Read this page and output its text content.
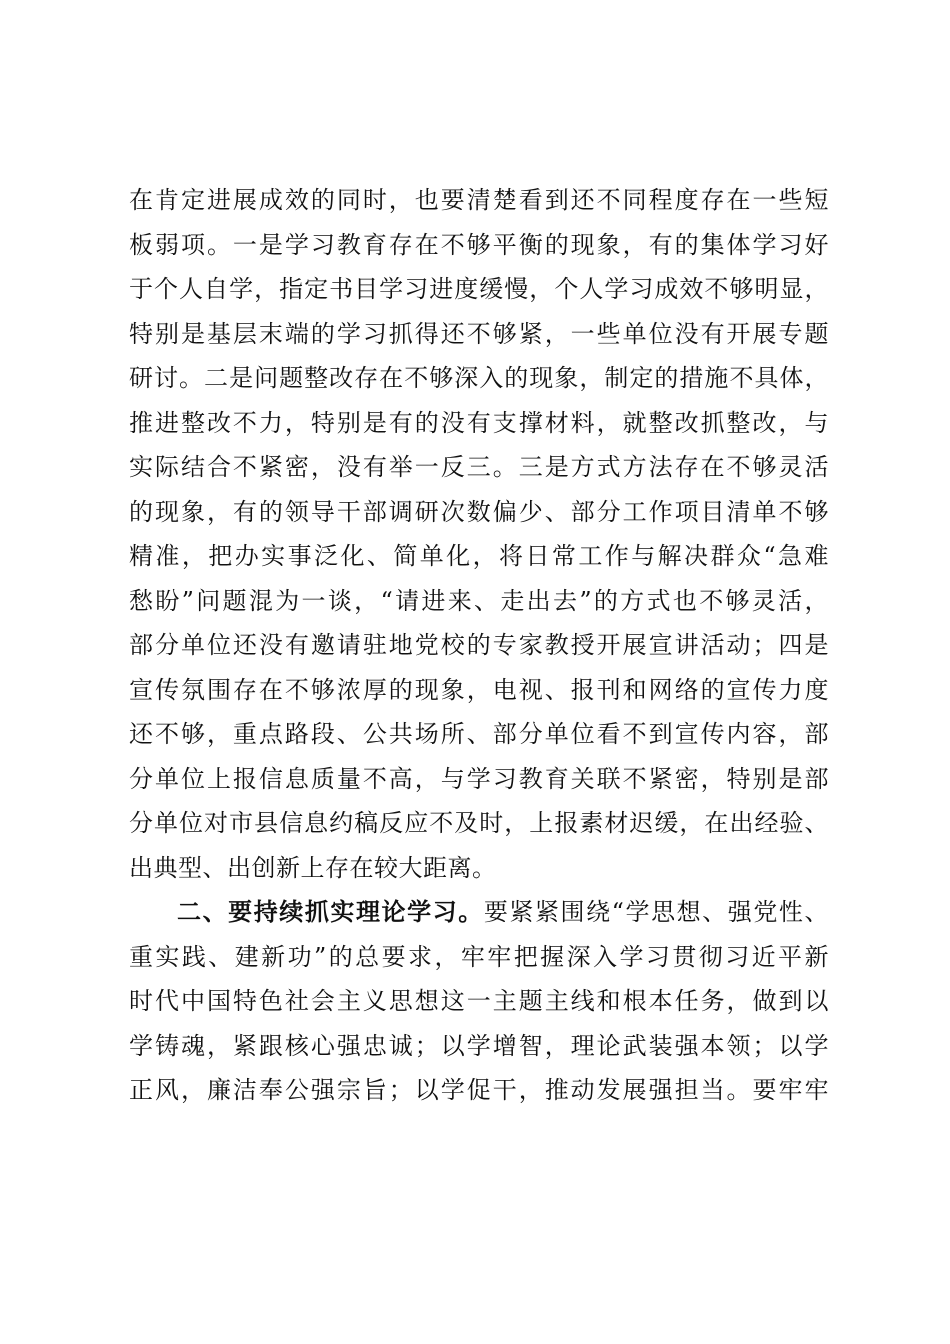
在肯定进展成效的同时，也要清楚看到还不同程度存在一些短
板弱项。一是学习教育存在不够平衡的现象，有的集体学习好
于个人自学，指定书目学习进度缓慢，个人学习成效不够明显，
特别是基层末端的学习抓得还不够紧，一些单位没有开展专题
研讨。二是问题整改存在不够深入的现象，制定的措施不具体，
推进整改不力，特别是有的没有支撑材料，就整改抓整改，与
实际结合不紧密，没有举一反三。三是方式方法存在不够灵活
的现象，有的领导干部调研次数偏少、部分工作项目清单不够
精准，把办实事泛化、简单化，将日常工作与解决群众“急难
愁盼”问题混为一谈，“请进来、走出去”的方式也不够灵活，
部分单位还没有邀请驻地党校的专家教授开展宣讲活动；四是
宣传氛围存在不够浓厚的现象，电视、报刊和网络的宣传力度
还不够，重点路段、公共场所、部分单位看不到宣传内容，部
分单位上报信息质量不高，与学习教育关联不紧密，特别是部
分单位对市县信息约稿反应不及时，上报素材迟缓，在出经验、
出典型、出创新上存在较大距离。
二、要持续抓实理论学习。要紧紧围绕“学思想、强党性、
重实践、建新功”的总要求，牢牢把握深入学习贯彻习近平新
时代中国特色社会主义思想这一主题主线和根本任务，做到以
学铸魂，紧跟核心强忠诚；以学增智，理论武装强本领；以学
正风，廉洁奉公强宗旨；以学促干，推动发展强担当。要牢牢
